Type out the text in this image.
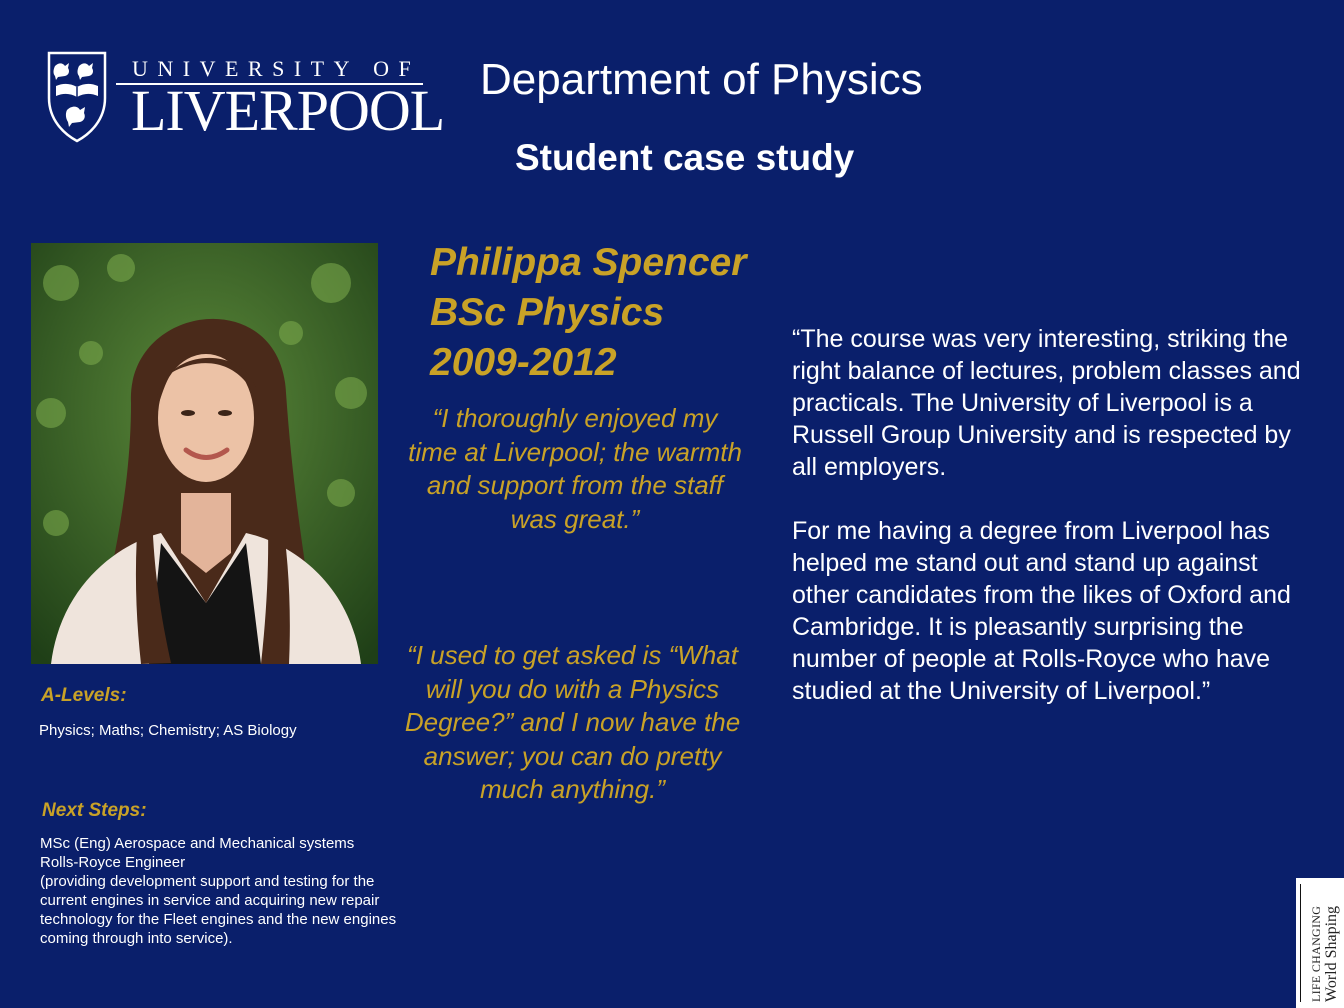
UNIVERSITY OF
LIVERPOOL Department of Physics
Student case study
Philippa Spencer
BSc Physics
2009-2012
“I thoroughly enjoyed my time at Liverpool; the warmth and support from the staff was great.”
“I used to get asked is “What will you do with a Physics Degree?” and I now have the answer; you can do pretty much anything.”

“The course was very interesting, striking the right balance of lectures, problem classes and practicals. The University of Liverpool is a Russell Group University and is respected by all employers.

For me having a degree from Liverpool has helped me stand out and stand up against other candidates from the likes of Oxford and Cambridge. It is pleasantly surprising the number of people at Rolls-Royce who have studied at the University of Liverpool.”

A-Levels:
Physics; Maths; Chemistry; AS Biology
Next Steps:
MSc (Eng) Aerospace and Mechanical systems
Rolls-Royce Engineer
(providing development support and testing for the
current engines in service and acquiring new repair
technology for the Fleet engines and the new engines
coming through into service).	LIFE CHANGING World Shaping
